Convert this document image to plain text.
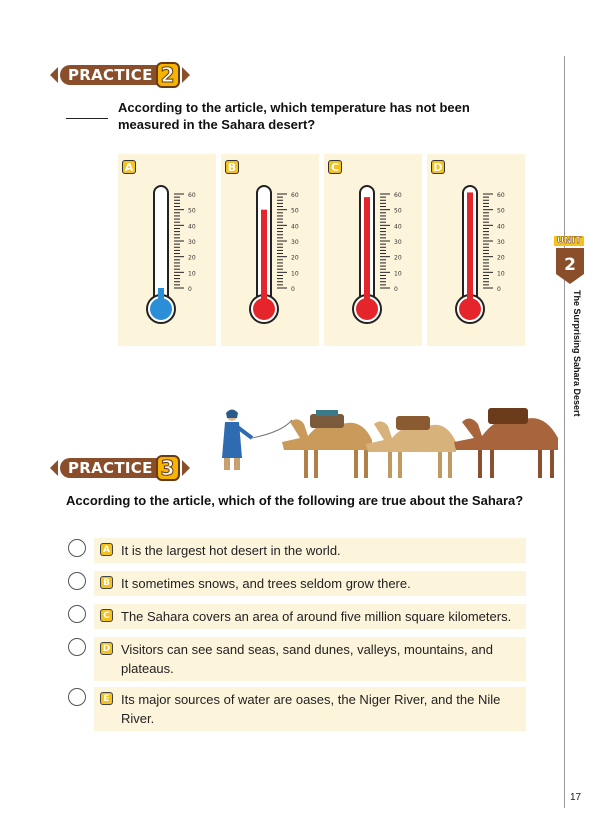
PRACTICE 2
According to the article, which temperature has not been measured in the Sahara desert?
A
60
50
40
30
20
10
0
B
60
50
40
30
20
10
0
C
60
50
40
30
20
10
0
D
60
50
40
30
20
10
0
PRACTICE 3
According to the article, which of the following are true about the Sahara?
A It is the largest hot desert in the world.
B It sometimes snows, and trees seldom grow there.
C The Sahara covers an area of around five million square kilometers.
D Visitors can see sand seas, sand dunes, valleys, mountains, and plateaus.
E Its major sources of water are oases, the Niger River, and the Nile River.
UNIT
2
The Surprising Sahara Desert
17
